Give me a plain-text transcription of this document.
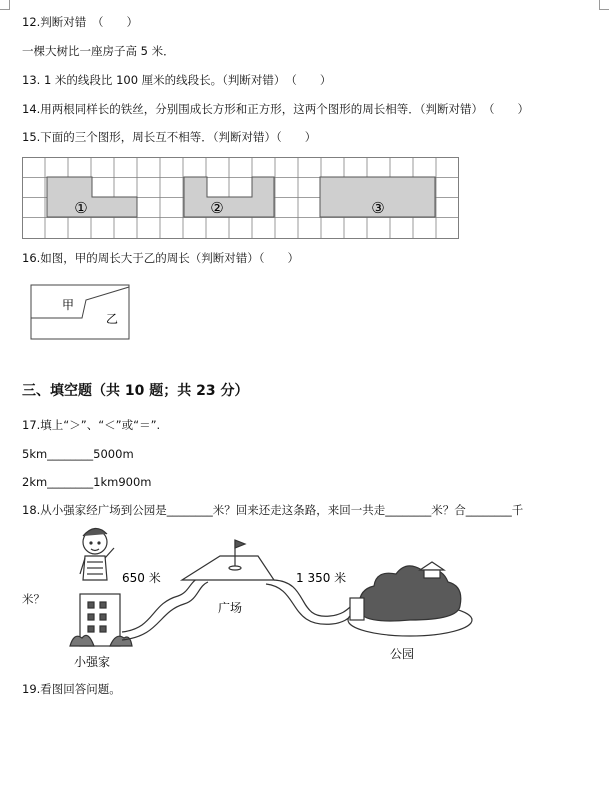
12.判断对错　（　　）
一棵大树比一座房子高 5 米．
13. 1 米的线段比 100 厘米的线段长。（判断对错）　（　　）
14.用两根同样长的铁丝，分别围成长方形和正方形，这两个图形的周长相等．（判断对错）　（　　）
15.下面的三个图形，周长互不相等．（判断对错）（　　）
①	②	③
16.如图，甲的周长大于乙的周长（判断对错）（　　）
甲
乙
三、填空题（共 10 题；共 23 分）
17.填上“＞”、“＜”或“＝”.
5km________5000m
2km________1km900m
18.从小强家经广场到公园是________米？回来还走这条路，来回一共走________米？合________千
米？
650 米	1 350 米
小强家
广场
公园
19.看图回答问题。
